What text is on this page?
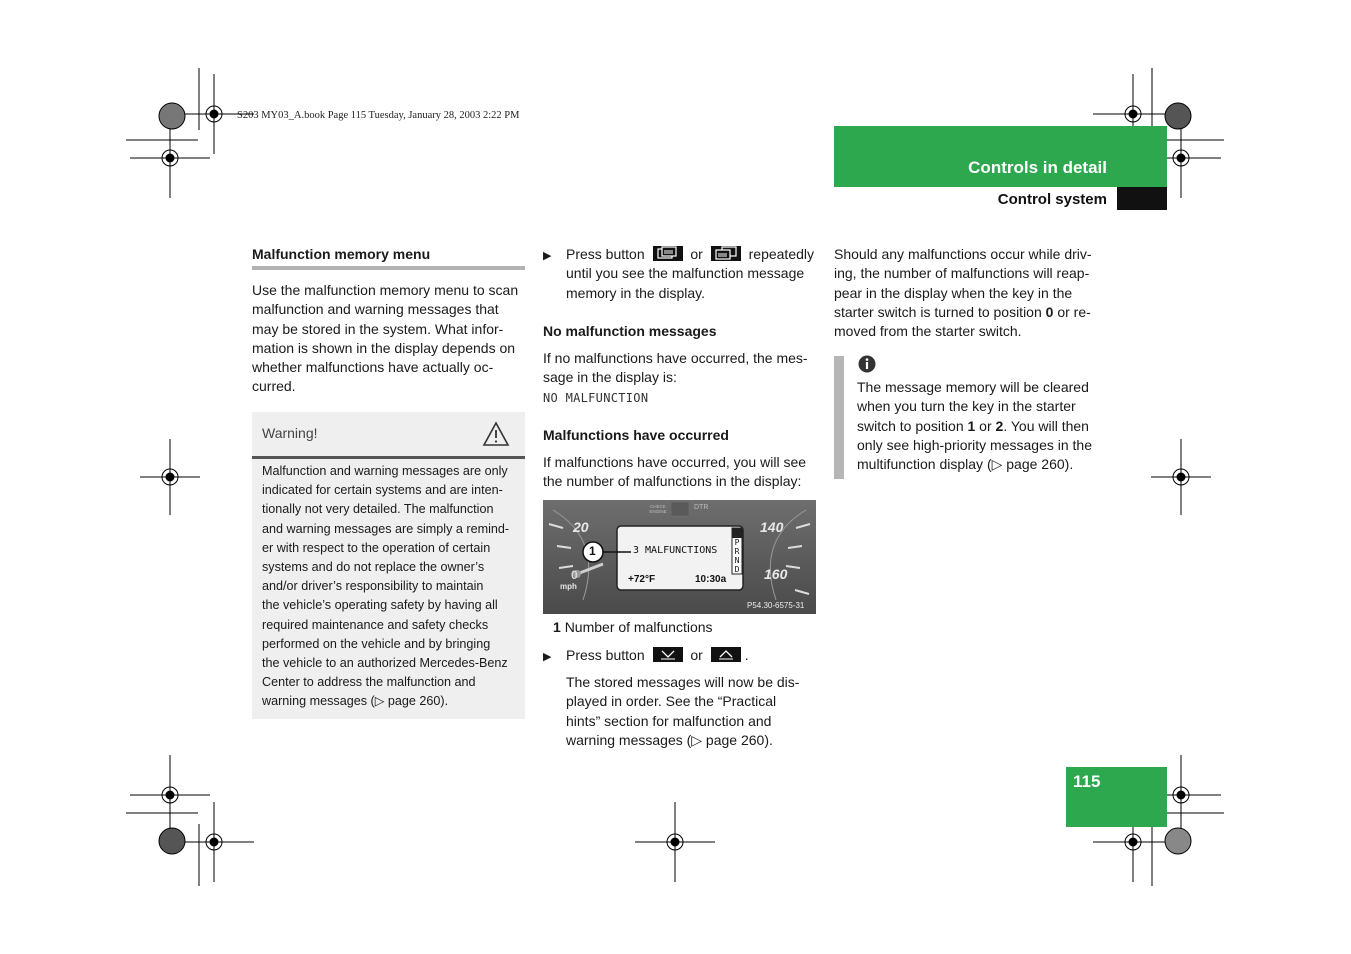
S203 MY03_A.book Page 115 Tuesday, January 28, 2003 2:22 PM
Controls in detail
Control system
Malfunction memory menu
Use the malfunction memory menu to scan
malfunction and warning messages that
may be stored in the system. What infor-
mation is shown in the display depends on
whether malfunctions have actually oc-
curred.
Warning!
Malfunction and warning messages are only
indicated for certain systems and are inten-
tionally not very detailed. The malfunction
and warning messages are simply a remind-
er with respect to the operation of certain
systems and do not replace the owner’s
and/or driver’s responsibility to maintain
the vehicle’s operating safety by having all
required maintenance and safety checks
performed on the vehicle and by bringing
the vehicle to an authorized Mercedes-Benz
Center to address the malfunction and
warning messages (▷ page 260).
▶	Press button	or	repeatedly
until you see the malfunction message
memory in the display.
No malfunction messages
If no malfunctions have occurred, the mes-
sage in the display is:
NO MALFUNCTION
Malfunctions have occurred
If malfunctions have occurred, you will see
the number of malfunctions in the display:
20
0
mph
140
160
CHECK ENGINE
DTR
3 MALFUNCTIONS
+72°F	10:30a
P
R
N
D
1
P54.30-6575-31
1 Number of malfunctions
▶	Press button	or	.
The stored messages will now be dis-
played in order. See the “Practical
hints” section for malfunction and
warning messages (▷ page 260).
Should any malfunctions occur while driv-
ing, the number of malfunctions will reap-
pear in the display when the key in the
starter switch is turned to position 0 or re-
moved from the starter switch.
The message memory will be cleared
when you turn the key in the starter
switch to position 1 or 2. You will then
only see high-priority messages in the
multifunction display (▷ page 260).
115
